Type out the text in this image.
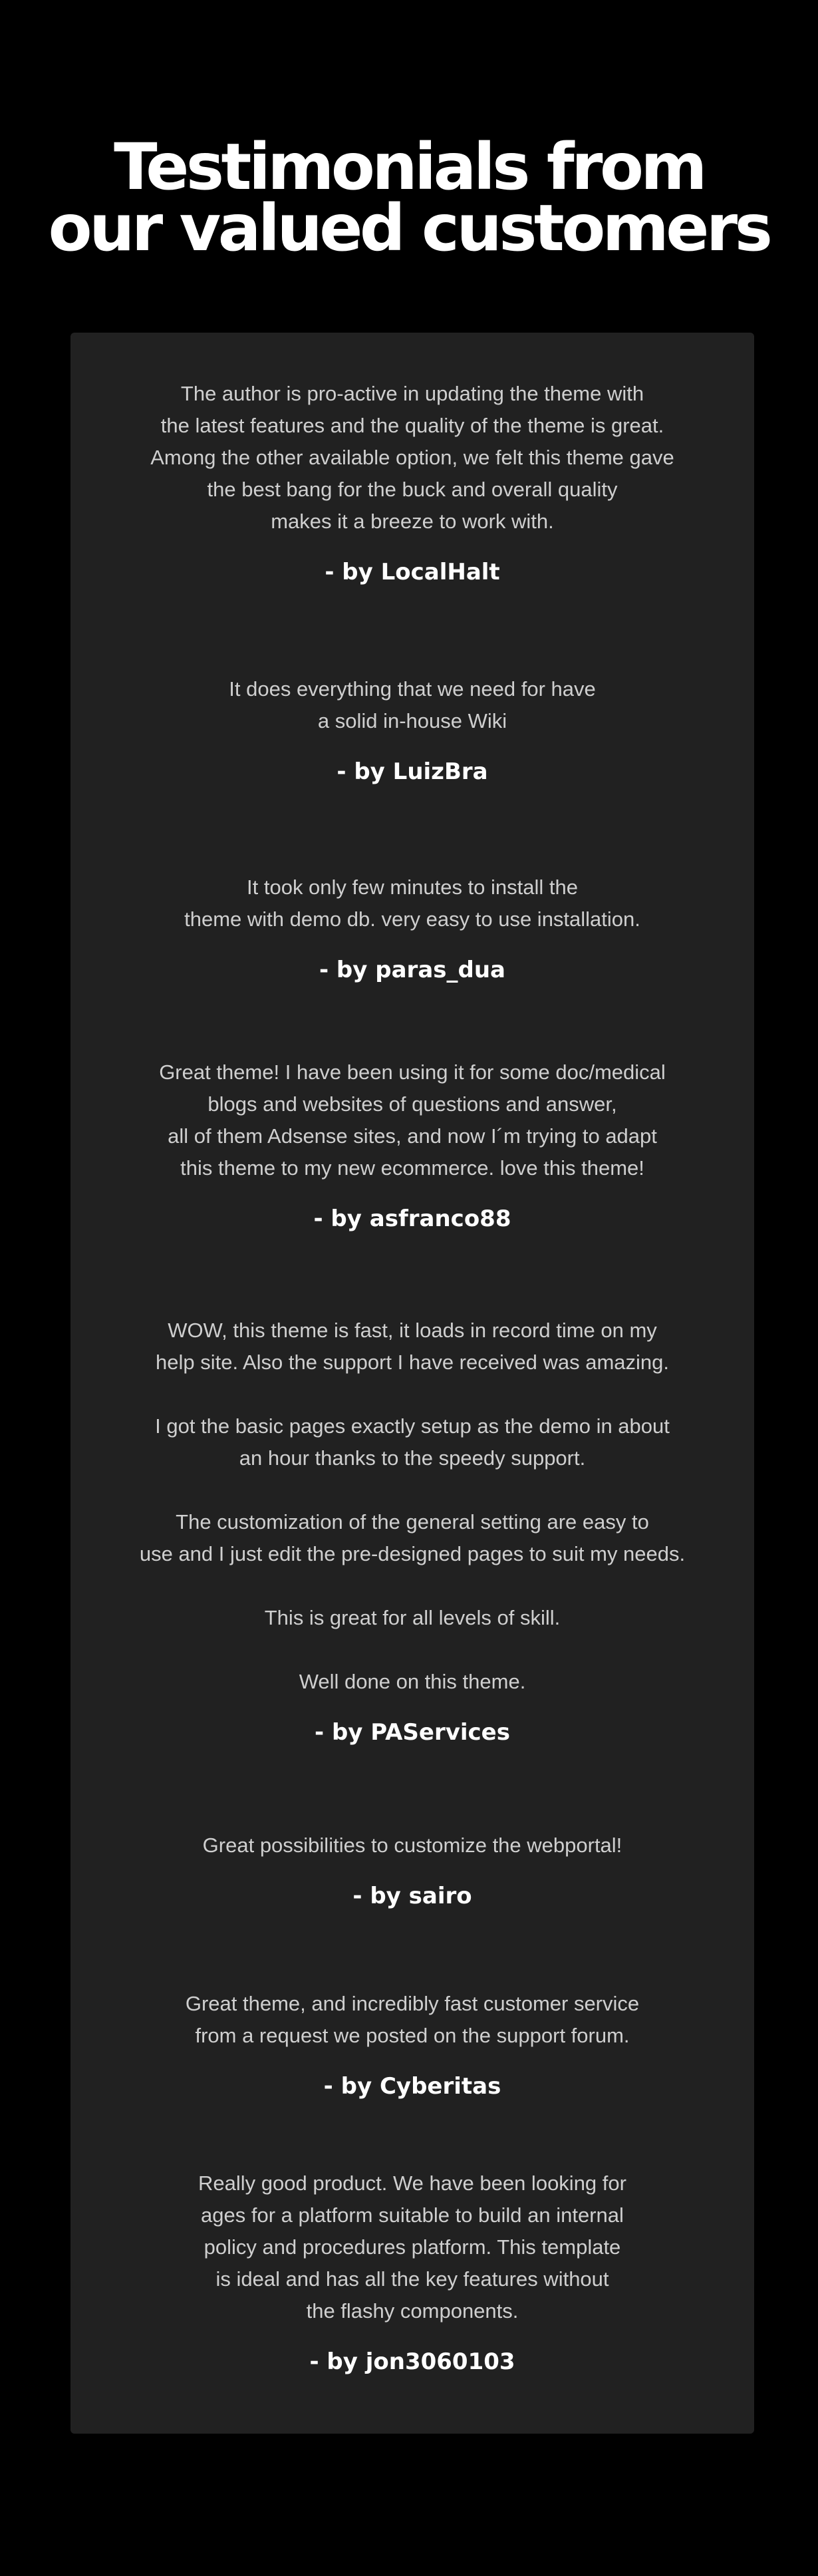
Testimonials from
our valued customers

The author is pro-active in updating the theme with
the latest features and the quality of the theme is great.
Among the other available option, we felt this theme gave
the best bang for the buck and overall quality
makes it a breeze to work with.

- by LocalHalt

It does everything that we need for have
a solid in-house Wiki

- by LuizBra

It took only few minutes to install the
theme with demo db. very easy to use installation.

- by paras_dua

Great theme! I have been using it for some doc/medical
blogs and websites of questions and answer,
all of them Adsense sites, and now I´m trying to adapt
this theme to my new ecommerce. love this theme!

- by asfranco88

WOW, this theme is fast, it loads in record time on my
help site. Also the support I have received was amazing.

I got the basic pages exactly setup as the demo in about
an hour thanks to the speedy support.

The customization of the general setting are easy to
use and I just edit the pre-designed pages to suit my needs.

This is great for all levels of skill.

Well done on this theme.

- by PAServices

Great possibilities to customize the webportal!

- by sairo

Great theme, and incredibly fast customer service
from a request we posted on the support forum.

- by Cyberitas

Really good product. We have been looking for
ages for a platform suitable to build an internal
policy and procedures platform. This template
is ideal and has all the key features without
the flashy components.

- by jon3060103
